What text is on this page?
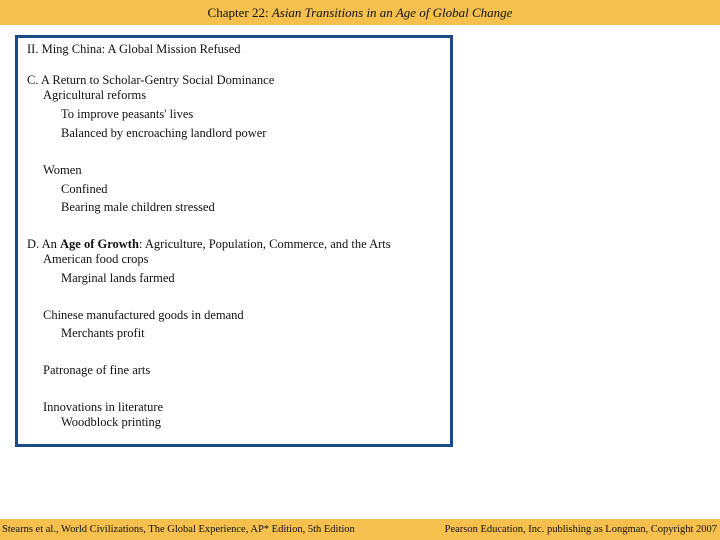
Chapter 22: Asian Transitions in an Age of Global Change
II. Ming China: A Global Mission Refused
C. A Return to Scholar-Gentry Social Dominance
Agricultural reforms
To improve peasants' lives
Balanced by encroaching landlord power
Women
Confined
Bearing male children stressed
D. An Age of Growth: Agriculture, Population, Commerce, and the Arts
American food crops
Marginal lands farmed
Chinese manufactured goods in demand
Merchants profit
Patronage of fine arts
Innovations in literature
Woodblock printing
Stearns et al., World Civilizations, The Global Experience, AP* Edition, 5th Edition	Pearson Education, Inc. publishing as Longman, Copyright 2007
